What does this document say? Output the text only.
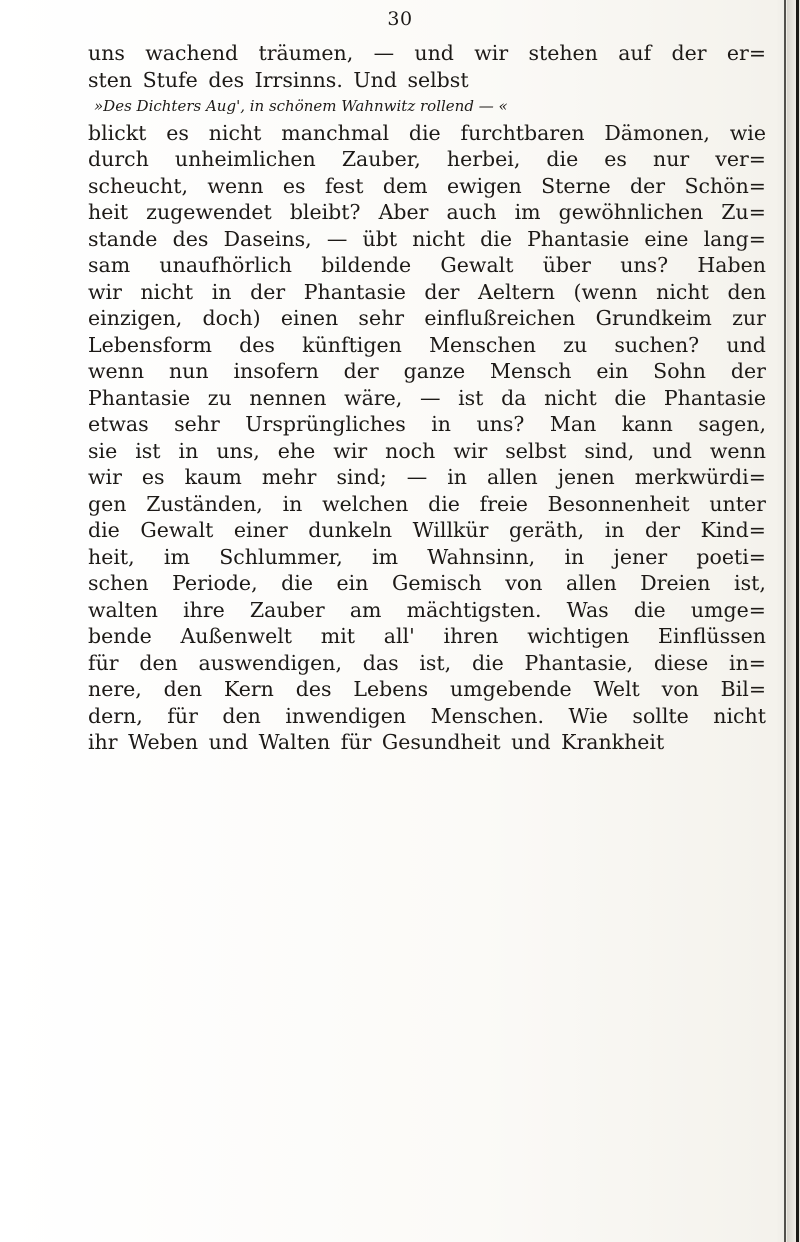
30
uns wachend träumen, — und wir stehen auf der er=
sten Stufe des Irrsinns. Und selbst
»Des Dichters Aug', in schönem Wahnwitz rollend — «
blickt es nicht manchmal die furchtbaren Dämonen, wie
durch unheimlichen Zauber, herbei, die es nur ver=
scheucht, wenn es fest dem ewigen Sterne der Schön=
heit zugewendet bleibt? Aber auch im gewöhnlichen Zu=
stande des Daseins, — übt nicht die Phantasie eine lang=
sam unaufhörlich bildende Gewalt über uns? Haben
wir nicht in der Phantasie der Aeltern (wenn nicht den
einzigen, doch) einen sehr einflußreichen Grundkeim zur
Lebensform des künftigen Menschen zu suchen? und
wenn nun insofern der ganze Mensch ein Sohn der
Phantasie zu nennen wäre, — ist da nicht die Phantasie
etwas sehr Ursprüngliches in uns? Man kann sagen,
sie ist in uns, ehe wir noch wir selbst sind, und wenn
wir es kaum mehr sind; — in allen jenen merkwürdi=
gen Zuständen, in welchen die freie Besonnenheit unter
die Gewalt einer dunkeln Willkür geräth, in der Kind=
heit, im Schlummer, im Wahnsinn, in jener poeti=
schen Periode, die ein Gemisch von allen Dreien ist,
walten ihre Zauber am mächtigsten. Was die umge=
bende Außenwelt mit all' ihren wichtigen Einflüssen
für den auswendigen, das ist, die Phantasie, diese in=
nere, den Kern des Lebens umgebende Welt von Bil=
dern, für den inwendigen Menschen. Wie sollte nicht
ihr Weben und Walten für Gesundheit und Krankheit
